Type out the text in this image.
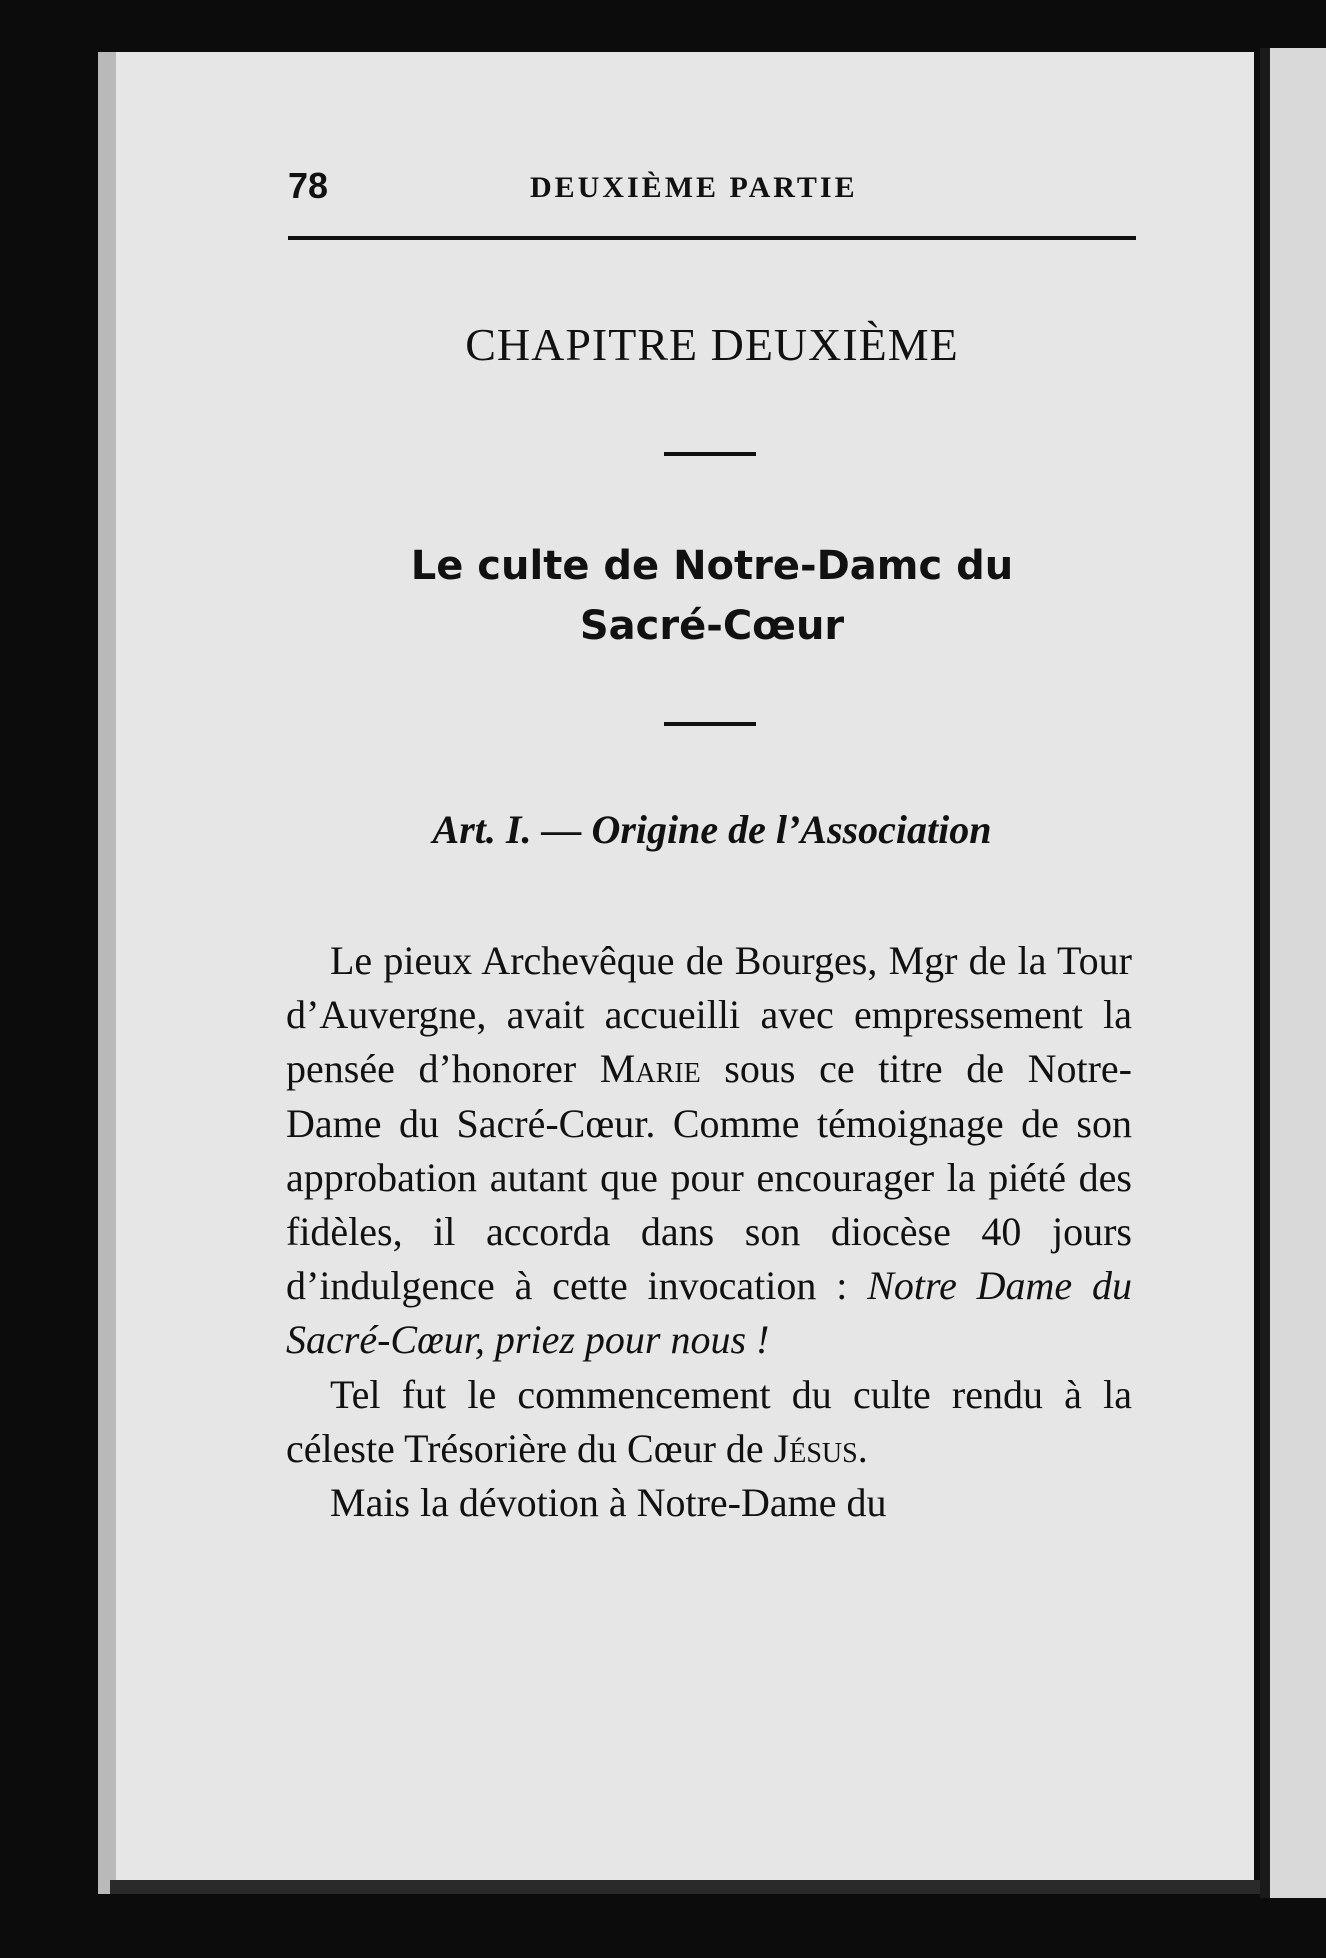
78	DEUXIÈME PARTIE
CHAPITRE DEUXIÈME
Le culte de Notre-Damc du
Sacré-Cœur
Art. I. — Origine de l’Association

Le pieux Archevêque de Bourges, Mgr de la Tour d’Auvergne, avait accueilli avec empressement la pensée d’honorer Marie sous ce titre de Notre-Dame du Sacré-Cœur. Comme témoignage de son approbation autant que pour encourager la piété des fidèles, il accorda dans son diocèse 40 jours d’indulgence à cette invocation : Notre Dame du Sacré-Cœur, priez pour nous !

Tel fut le commencement du culte rendu à la céleste Trésorière du Cœur de Jésus.

Mais la dévotion à Notre-Dame du
